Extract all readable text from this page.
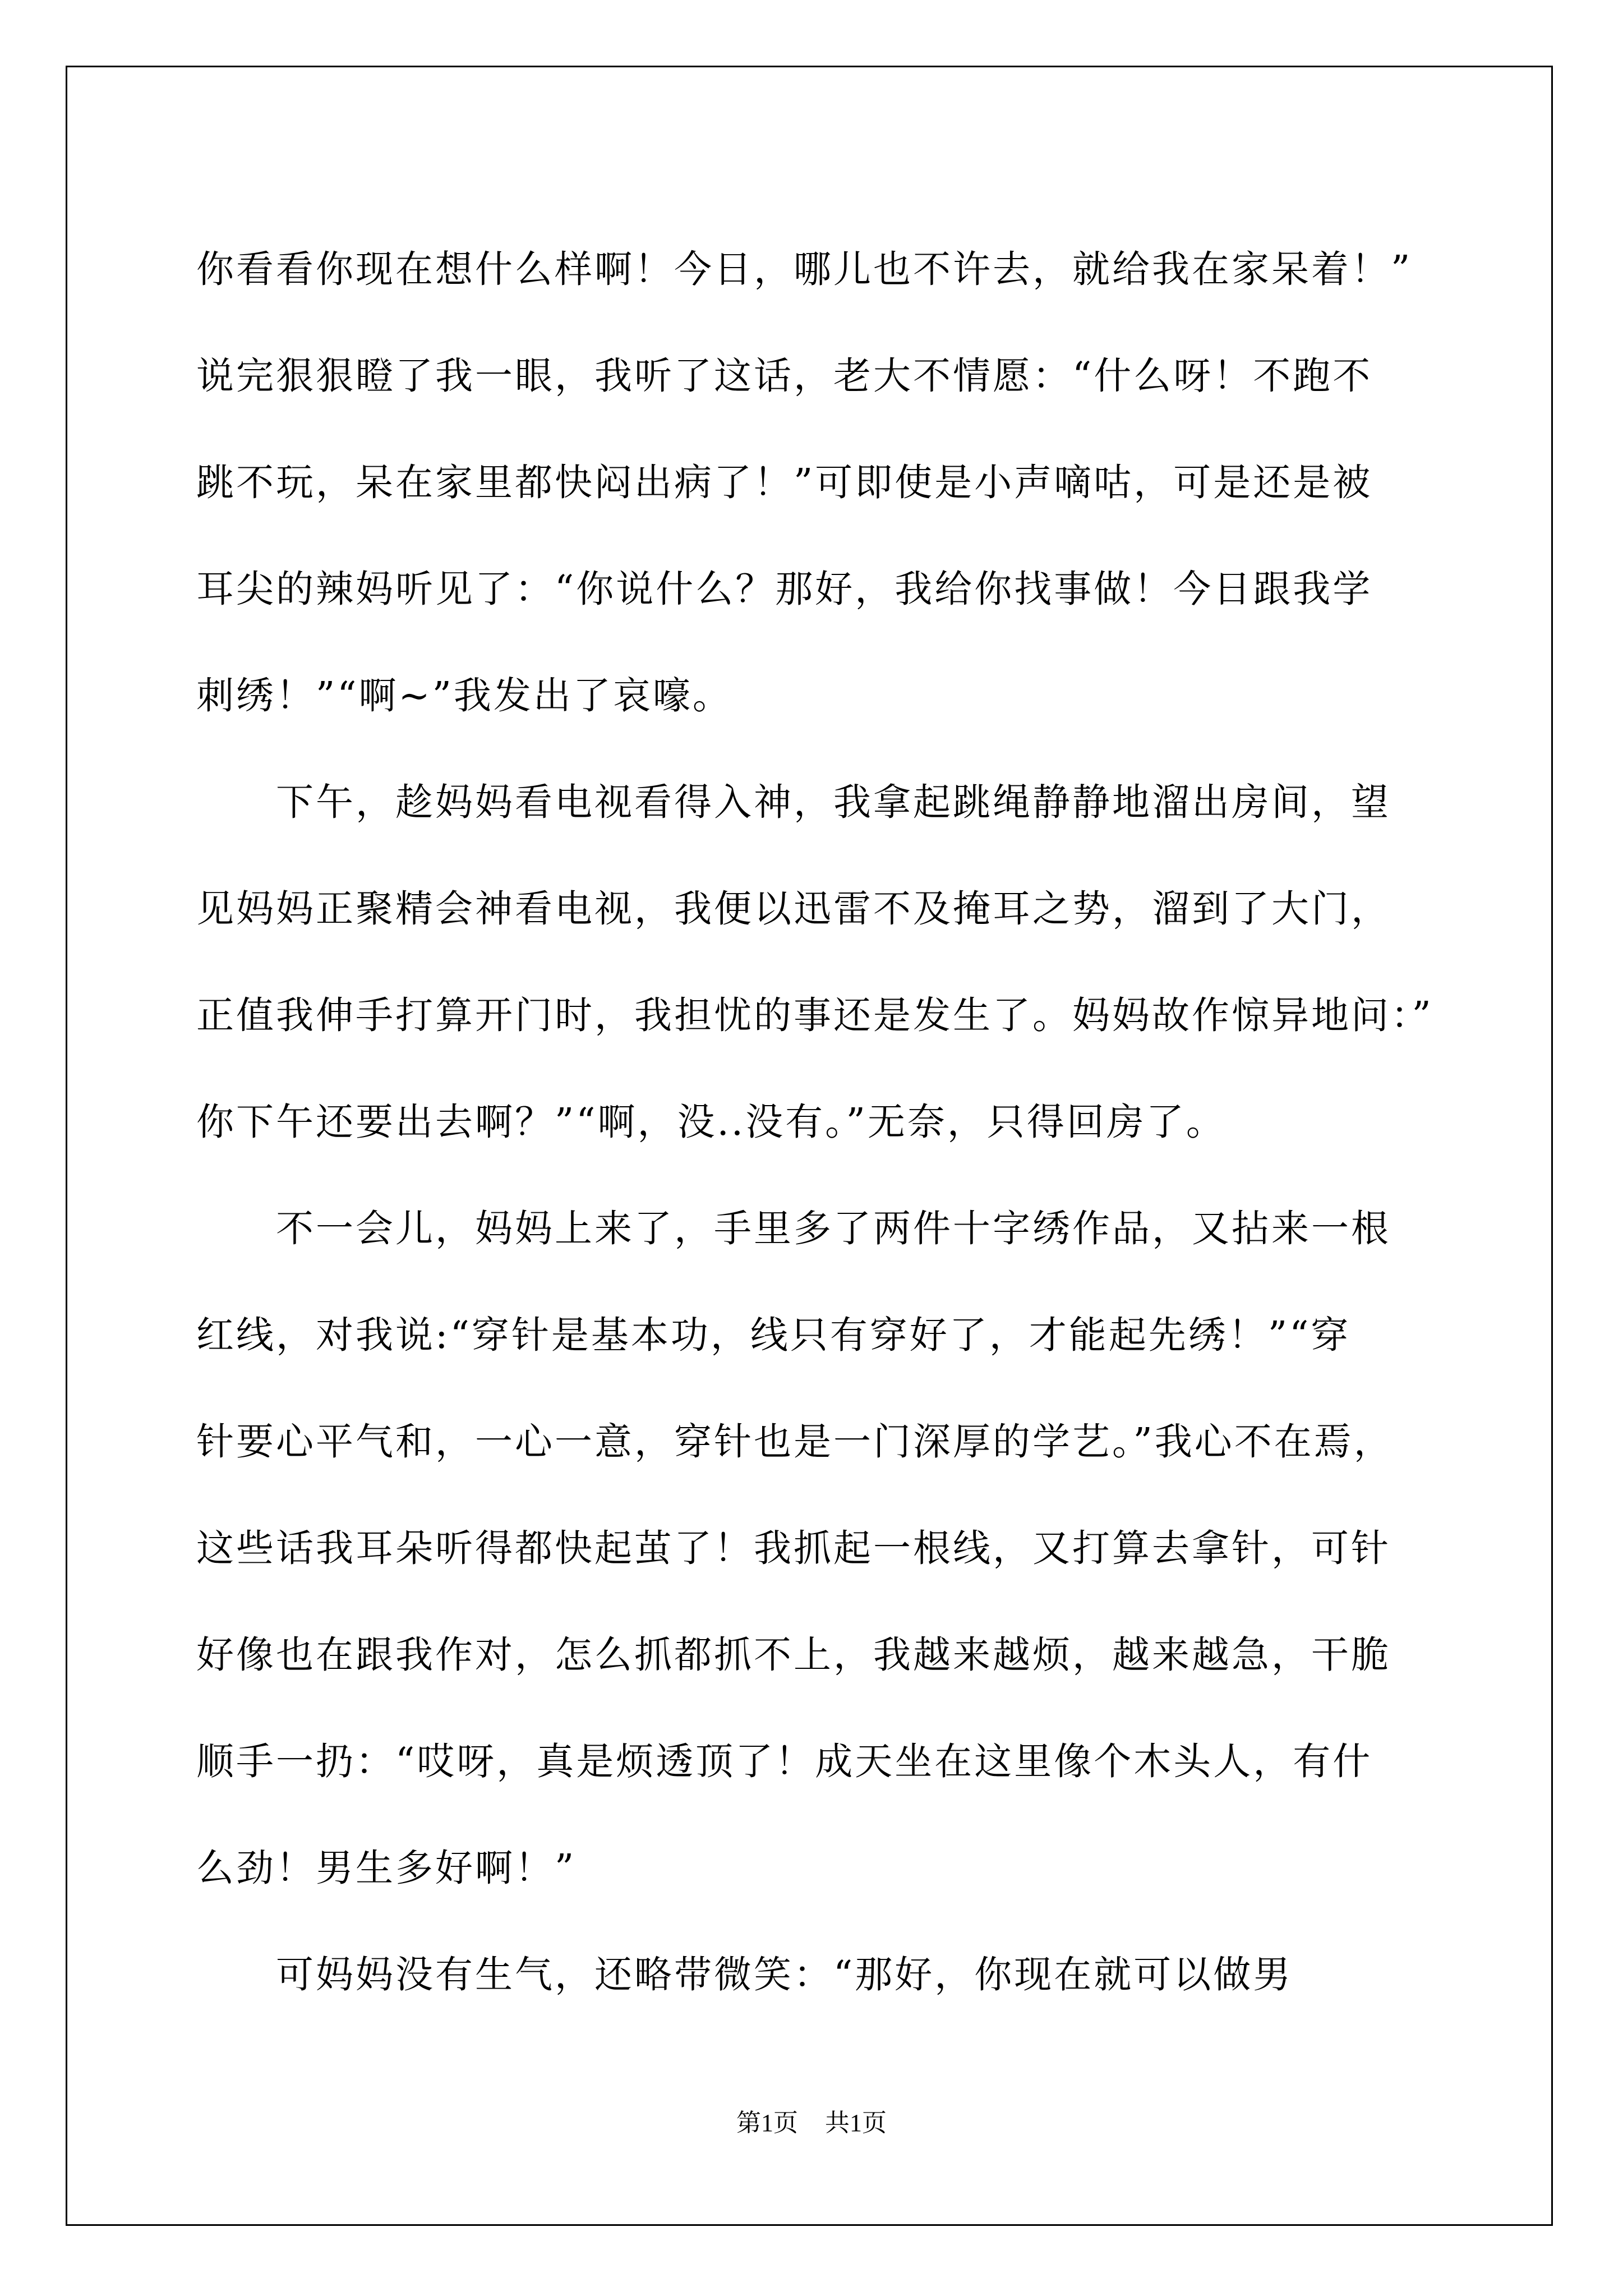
你看看你现在想什么样啊！今日，哪儿也不许去，就给我在家呆着！”
说完狠狠瞪了我一眼，我听了这话，老大不情愿：“什么呀！不跑不
跳不玩，呆在家里都快闷出病了！”可即使是小声嘀咕，可是还是被
耳尖的辣妈听见了：“你说什么？那好，我给你找事做！今日跟我学
刺绣！”“啊~”我发出了哀嚎。
　　下午，趁妈妈看电视看得入神，我拿起跳绳静静地溜出房间，望
见妈妈正聚精会神看电视，我便以迅雷不及掩耳之势，溜到了大门，
正值我伸手打算开门时，我担忧的事还是发生了。妈妈故作惊异地问：”
你下午还要出去啊？”“啊，没..没有。”无奈，只得回房了。
　　不一会儿，妈妈上来了，手里多了两件十字绣作品，又拈来一根
红线，对我说:“穿针是基本功，线只有穿好了，才能起先绣！”“穿
针要心平气和，一心一意，穿针也是一门深厚的学艺。”我心不在焉，
这些话我耳朵听得都快起茧了！我抓起一根线，又打算去拿针，可针
好像也在跟我作对，怎么抓都抓不上，我越来越烦，越来越急，干脆
顺手一扔：“哎呀，真是烦透顶了！成天坐在这里像个木头人，有什
么劲！男生多好啊！”
　　可妈妈没有生气，还略带微笑：“那好，你现在就可以做男
第1页 共1页
